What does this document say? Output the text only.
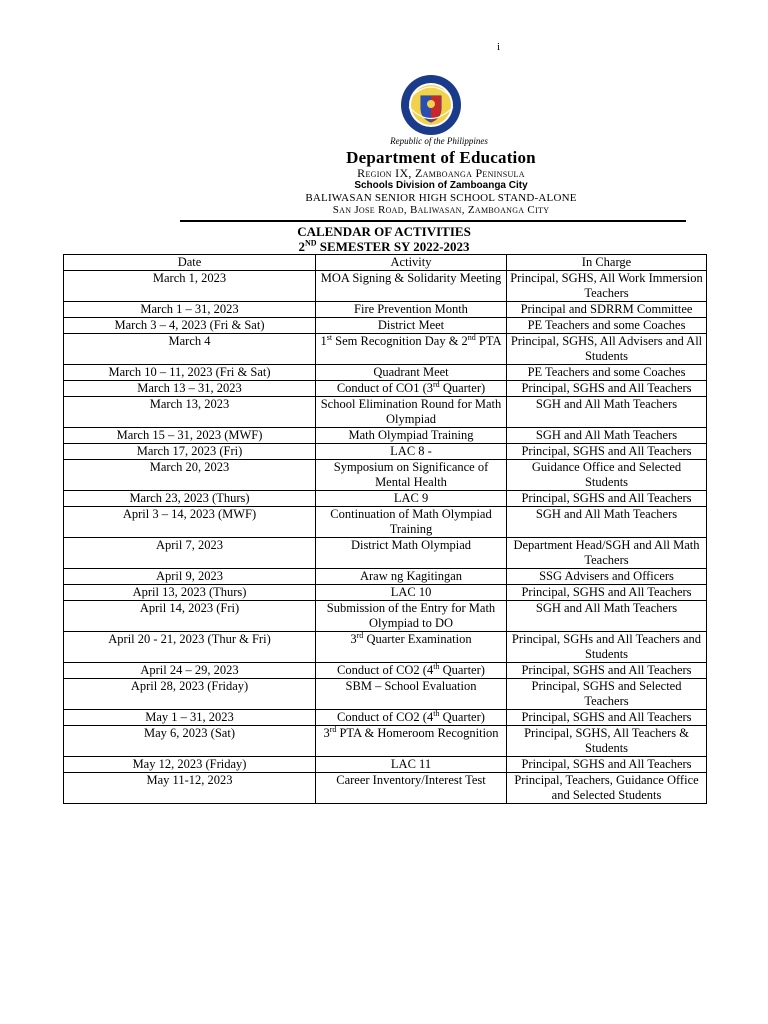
i
Republic of the Philippines
Department of Education
Region IX, Zamboanga Peninsula
Schools Division of Zamboanga City
BALIWASAN SENIOR HIGH SCHOOL STAND-ALONE
San Jose Road, Baliwasan, Zamboanga City
CALENDAR OF ACTIVITIES
2ND SEMESTER SY 2022-2023
Date	Activity	In Charge
March 1, 2023	MOA Signing & Solidarity Meeting	Principal, SGHS, All Work Immersion Teachers
March 1 – 31, 2023	Fire Prevention Month	Principal and SDRRM Committee
March 3 – 4, 2023 (Fri & Sat)	District Meet	PE Teachers and some Coaches
March 4	1st Sem Recognition Day & 2nd PTA	Principal, SGHS, All Advisers and All Students
March 10 – 11, 2023 (Fri & Sat)	Quadrant Meet	PE Teachers and some Coaches
March 13 – 31, 2023	Conduct of CO1 (3rd Quarter)	Principal, SGHS and All Teachers
March 13, 2023	School Elimination Round for Math Olympiad	SGH and All Math Teachers
March 15 – 31, 2023 (MWF)	Math Olympiad Training	SGH and All Math Teachers
March 17, 2023 (Fri)	LAC 8 -	Principal, SGHS and All Teachers
March 20, 2023	Symposium on Significance of Mental Health	Guidance Office and Selected Students
March 23, 2023 (Thurs)	LAC 9	Principal, SGHS and All Teachers
April 3 – 14, 2023 (MWF)	Continuation of Math Olympiad Training	SGH and All Math Teachers
April 7, 2023	District Math Olympiad	Department Head/SGH and All Math Teachers
April 9, 2023	Araw ng Kagitingan	SSG Advisers and Officers
April 13, 2023 (Thurs)	LAC 10	Principal, SGHS and All Teachers
April 14, 2023 (Fri)	Submission of the Entry for Math Olympiad to DO	SGH and All Math Teachers
April 20 - 21, 2023 (Thur & Fri)	3rd Quarter Examination	Principal, SGHs and All Teachers and Students
April 24 – 29, 2023	Conduct of CO2 (4th Quarter)	Principal, SGHS and All Teachers
April 28, 2023 (Friday)	SBM – School Evaluation	Principal, SGHS and Selected Teachers
May 1 – 31, 2023	Conduct of CO2 (4th Quarter)	Principal, SGHS and All Teachers
May 6, 2023 (Sat)	3rd PTA & Homeroom Recognition	Principal, SGHS, All Teachers & Students
May 12, 2023 (Friday)	LAC 11	Principal, SGHS and All Teachers
May 11-12, 2023	Career Inventory/Interest Test	Principal, Teachers, Guidance Office and Selected Students
